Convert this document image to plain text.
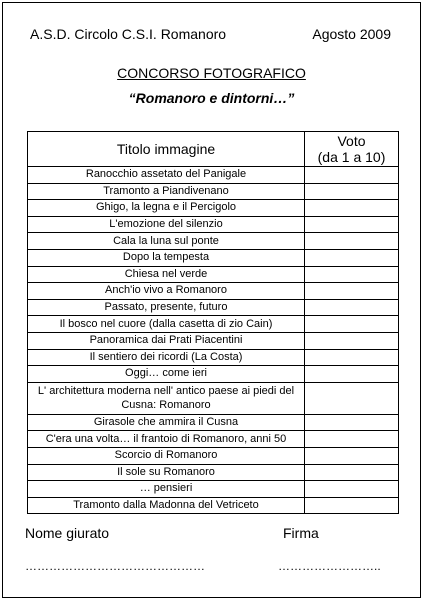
A.S.D. Circolo C.S.I. Romanoro	Agosto 2009
CONCORSO FOTOGRAFICO
“Romanoro e dintorni…”
Titolo immagine	Voto
(da 1 a 10)
Ranocchio assetato del Panigale	
Tramonto a Piandivenano	
Ghigo, la legna e il Percigolo	
L'emozione del silenzio	
Cala la luna sul ponte	
Dopo la tempesta	
Chiesa nel verde	
Anch'io vivo a Romanoro	
Passato, presente, futuro	
Il bosco nel cuore (dalla casetta di zio Cain)	
Panoramica dai Prati Piacentini	
Il sentiero dei ricordi (La Costa)	
Oggi… come ieri	
L' architettura moderna nell' antico paese ai piedi del Cusna: Romanoro	
Girasole che ammira il Cusna	
C'era una volta… il frantoio di Romanoro, anni 50	
Scorcio di Romanoro	
Il sole su Romanoro	
… pensieri	
Tramonto dalla Madonna del Vetriceto	
Nome giurato	Firma
………………………………………	……………………..
